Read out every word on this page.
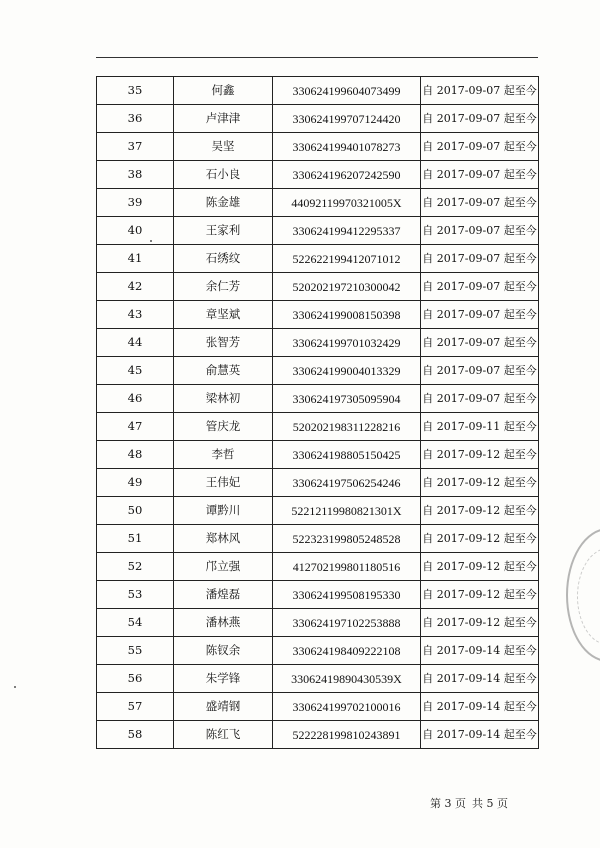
35	何鑫	330624199604073499	自 2017-09-07 起至今
36	卢津津	330624199707124420	自 2017-09-07 起至今
37	吴坚	330624199401078273	自 2017-09-07 起至今
38	石小良	330624196207242590	自 2017-09-07 起至今
39	陈金雄	44092119970321005X	自 2017-09-07 起至今
40	王家利	330624199412295337	自 2017-09-07 起至今
41	石绣纹	522622199412071012	自 2017-09-07 起至今
42	余仁芳	520202197210300042	自 2017-09-07 起至今
43	章坚斌	330624199008150398	自 2017-09-07 起至今
44	张智芳	330624199701032429	自 2017-09-07 起至今
45	俞慧英	330624199004013329	自 2017-09-07 起至今
46	梁林初	330624197305095904	自 2017-09-07 起至今
47	管庆龙	520202198311228216	自 2017-09-11 起至今
48	李哲	330624198805150425	自 2017-09-12 起至今
49	王伟妃	330624197506254246	自 2017-09-12 起至今
50	谭黔川	52212119980821301X	自 2017-09-12 起至今
51	郑林风	522323199805248528	自 2017-09-12 起至今
52	邝立强	412702199801180516	自 2017-09-12 起至今
53	潘煌磊	330624199508195330	自 2017-09-12 起至今
54	潘林燕	330624197102253888	自 2017-09-12 起至今
55	陈钗余	330624198409222108	自 2017-09-14 起至今
56	朱学锋	33062419890430539X	自 2017-09-14 起至今
57	盛靖钢	330624199702100016	自 2017-09-14 起至今
58	陈红飞	522228199810243891	自 2017-09-14 起至今
第 3 页 共 5 页
